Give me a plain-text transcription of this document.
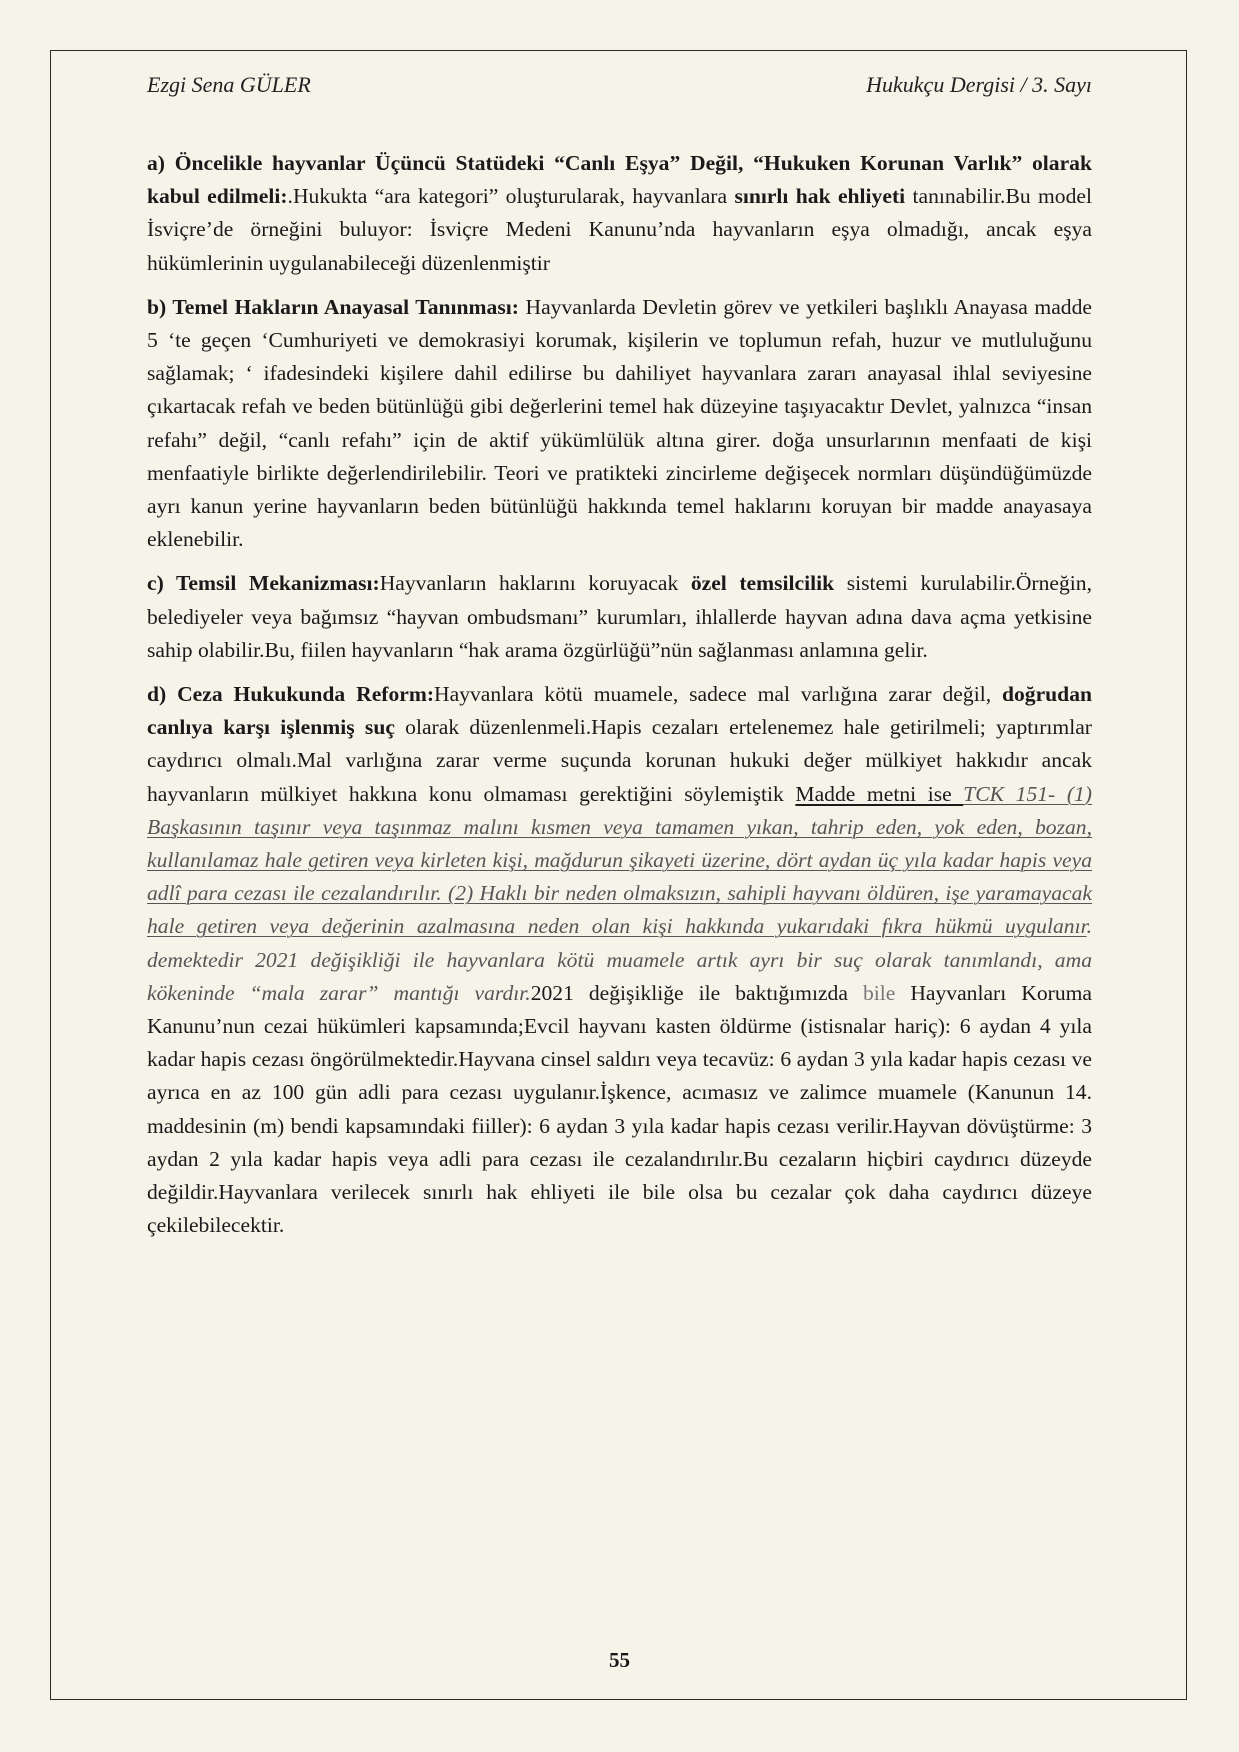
Ezgi Sena GÜLER	Hukukçu Dergisi / 3. Sayı

a) Öncelikle hayvanlar Üçüncü Statüdeki “Canlı Eşya” Değil, “Hukuken Korunan Varlık” olarak kabul edilmeli:.Hukukta “ara kategori” oluşturularak, hayvanlara sınırlı hak ehliyeti tanınabilir.Bu model İsviçre’de örneğini buluyor: İsviçre Medeni Kanunu’nda hayvanların eşya olmadığı, ancak eşya hükümlerinin uygulanabileceği düzenlenmiştir

b) Temel Hakların Anayasal Tanınması: Hayvanlarda Devletin görev ve yetkileri başlıklı Anayasa madde 5 ‘te geçen ‘Cumhuriyeti ve demokrasiyi korumak, kişilerin ve toplumun refah, huzur ve mutluluğunu sağlamak; ‘ ifadesindeki kişilere dahil edilirse bu dahiliyet hayvanlara zararı anayasal ihlal seviyesine çıkartacak refah ve beden bütünlüğü gibi değerlerini temel hak düzeyine taşıyacaktır Devlet, yalnızca “insan refahı” değil, “canlı refahı” için de aktif yükümlülük altına girer. doğa unsurlarının menfaati de kişi menfaatiyle birlikte değerlendirilebilir. Teori ve pratikteki zincirleme değişecek normları düşündüğümüzde ayrı kanun yerine hayvanların beden bütünlüğü hakkında temel haklarını koruyan bir madde anayasaya eklenebilir.

c) Temsil Mekanizması:Hayvanların haklarını koruyacak özel temsilcilik sistemi kurulabilir.Örneğin, belediyeler veya bağımsız “hayvan ombudsmanı” kurumları, ihlallerde hayvan adına dava açma yetkisine sahip olabilir.Bu, fiilen hayvanların “hak arama özgürlüğü”nün sağlanması anlamına gelir.

d) Ceza Hukukunda Reform:Hayvanlara kötü muamele, sadece mal varlığına zarar değil, doğrudan canlıya karşı işlenmiş suç olarak düzenlenmeli.Hapis cezaları ertelenemez hale getirilmeli; yaptırımlar caydırıcı olmalı.Mal varlığına zarar verme suçunda korunan hukuki değer mülkiyet hakkıdır ancak hayvanların mülkiyet hakkına konu olmaması gerektiğini söylemiştik Madde metni ise TCK 151- (1) Başkasının taşınır veya taşınmaz malını kısmen veya tamamen yıkan, tahrip eden, yok eden, bozan, kullanılamaz hale getiren veya kirleten kişi, mağdurun şikayeti üzerine, dört aydan üç yıla kadar hapis veya adlî para cezası ile cezalandırılır. (2) Haklı bir neden olmaksızın, sahipli hayvanı öldüren, işe yaramayacak hale getiren veya değerinin azalmasına neden olan kişi hakkında yukarıdaki fıkra hükmü uygulanır. demektedir 2021 değişikliği ile hayvanlara kötü muamele artık ayrı bir suç olarak tanımlandı, ama kökeninde “mala zarar” mantığı vardır.2021 değişikliğe ile baktığımızda bile Hayvanları Koruma Kanunu’nun cezai hükümleri kapsamında;Evcil hayvanı kasten öldürme (istisnalar hariç): 6 aydan 4 yıla kadar hapis cezası öngörülmektedir.Hayvana cinsel saldırı veya tecavüz: 6 aydan 3 yıla kadar hapis cezası ve ayrıca en az 100 gün adli para cezası uygulanır.İşkence, acımasız ve zalimce muamele (Kanunun 14. maddesinin (m) bendi kapsamındaki fiiller): 6 aydan 3 yıla kadar hapis cezası verilir.Hayvan dövüştürme: 3 aydan 2 yıla kadar hapis veya adli para cezası ile cezalandırılır.Bu cezaların hiçbiri caydırıcı düzeyde değildir.Hayvanlara verilecek sınırlı hak ehliyeti ile bile olsa bu cezalar çok daha caydırıcı düzeye çekilebilecektir.

55
